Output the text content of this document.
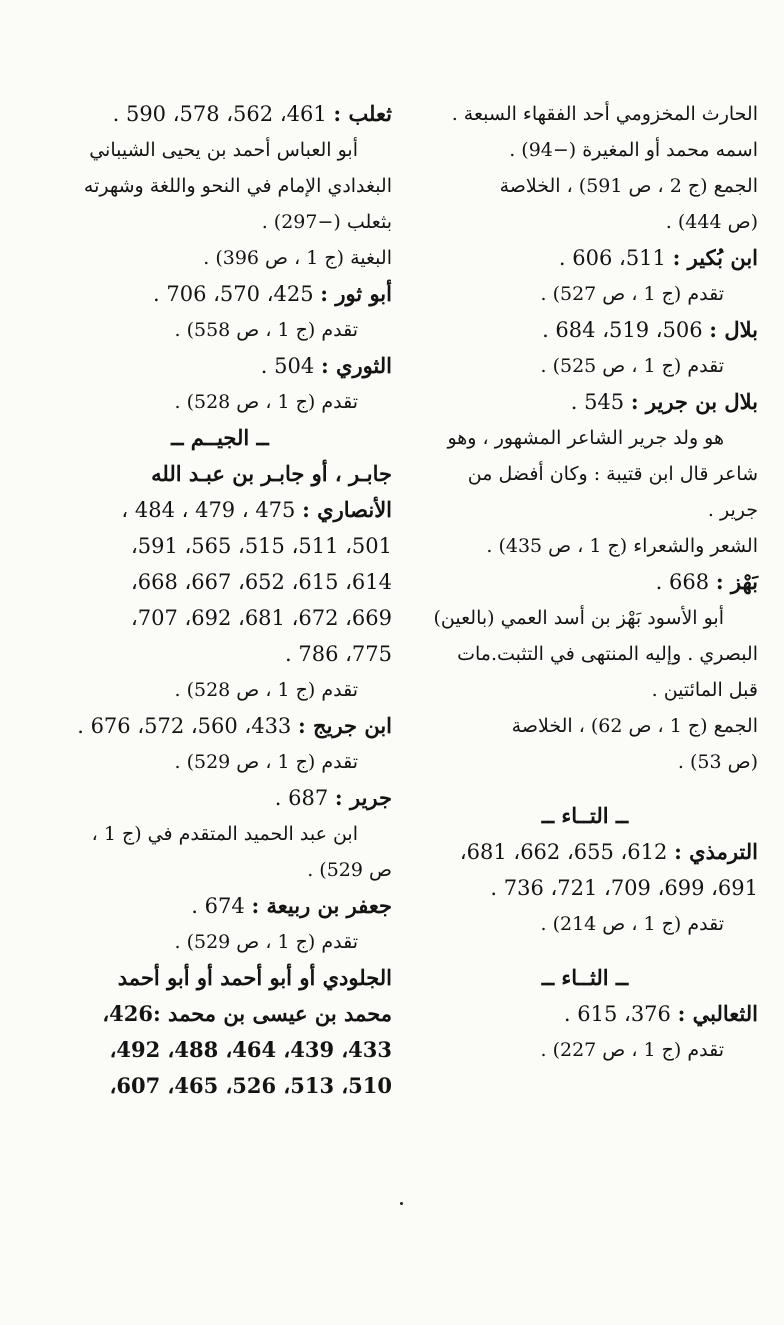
الحارث المخزومي أحد الفقهاء السبعة .

اسمه محمد أو المغيرة (−94) .

الجمع (ج 2 ، ص 591) ، الخلاصة

(ص 444) .

ابن بُكير : 511، 606 .

تقدم (ج 1 ، ص 527) .

بلال : 506، 519، 684 .

تقدم (ج 1 ، ص 525) .

بلال بن جرير : 545 .

هو ولد جرير الشاعر المشهور ، وهو

شاعر قال ابن قتيبة : وكان أفضل من

جرير .

الشعر والشعراء (ج 1 ، ص 435) .

بَهْز : 668 .

أبو الأسود بَهْز بن أسد العمي (بالعين)

البصري . وإليه المنتهى في التثبت.مات

قبل المائتين .

الجمع (ج 1 ، ص 62) ، الخلاصة

(ص 53) .

ــ التــاء ــ

الترمذي : 612، 655، 662، 681،

691، 699، 709، 721، 736 .

تقدم (ج 1 ، ص 214) .

ــ الثــاء ــ

الثعالبي : 376، 615 .

تقدم (ج 1 ، ص 227) .

ثعلب : 461، 562، 578، 590 .

أبو العباس أحمد بن يحيى الشيباني

البغدادي الإمام في النحو واللغة وشهرته

بثعلب (−297) .

البغية (ج 1 ، ص 396) .

أبو ثور : 425، 570، 706 .

تقدم (ج 1 ، ص 558) .

الثوري : 504 .

تقدم (ج 1 ، ص 528) .

ــ الجيــم ــ

جابـر ، أو جابـر بن عبـد الله

الأنصاري : 475 ، 479 ، 484 ،

501، 511، 515، 565، 591،

614، 615، 652، 667، 668،

669، 672، 681، 692، 707،

775، 786 .

تقدم (ج 1 ، ص 528) .

ابن جريج : 433، 560، 572، 676 .

تقدم (ج 1 ، ص 529) .

جرير : 687 .

ابن عبد الحميد المتقدم في (ج 1 ،

ص 529) .

جعفر بن ربيعة : 674 .

تقدم (ج 1 ، ص 529) .

الجلودي أو أبو أحمد أو أبو أحمد

محمد بن عيسى بن محمد :426،

433، 439، 464، 488، 492،

510، 513، 526، 465، 607،
